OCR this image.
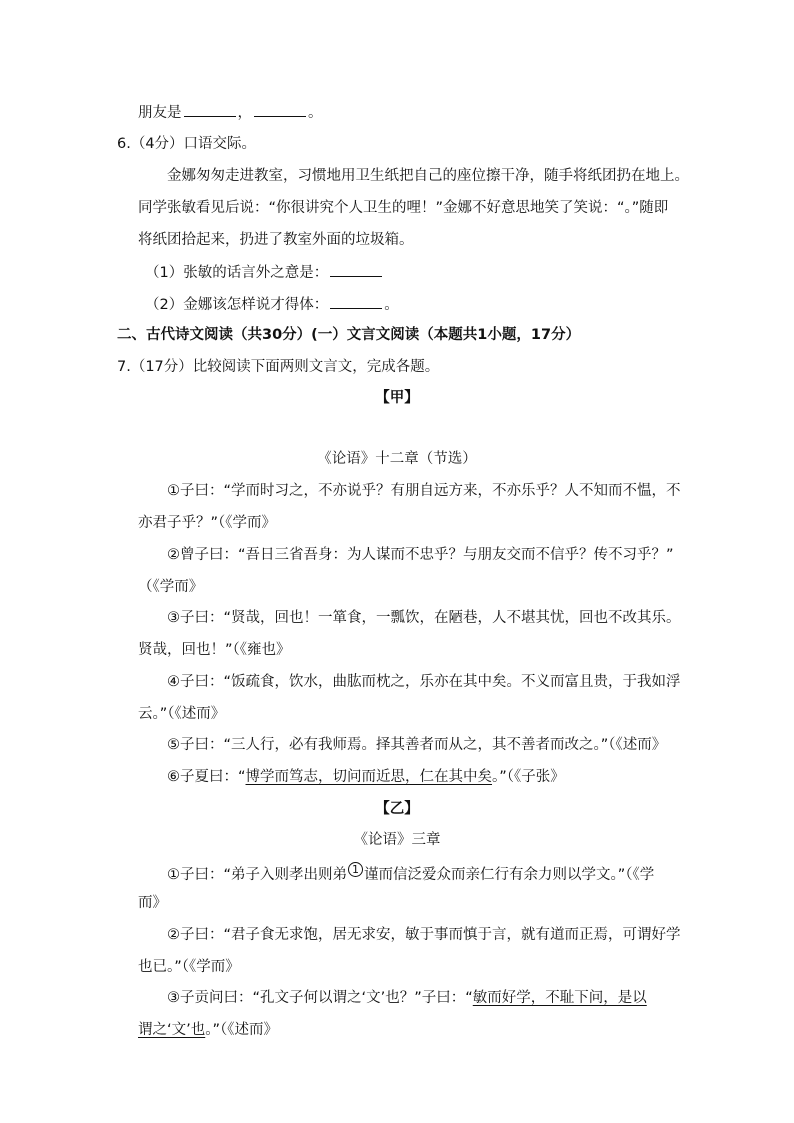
朋友是	，	。
6.（4分）口语交际。
金娜匆匆走进教室，习惯地用卫生纸把自己的座位擦干净，随手将纸团扔在地上。
同学张敏看见后说：“你很讲究个人卫生的哩！”金娜不好意思地笑了笑说：“。”随即
将纸团拾起来，扔进了教室外面的垃圾箱。
（1）张敏的话言外之意是：
（2）金娜该怎样说才得体：	。
二、古代诗文阅读（共30分）(一）文言文阅读（本题共1小题，17分）
7.（17分）比较阅读下面两则文言文，完成各题。
【甲】
《论语》十二章（节选）
①子曰：“学而时习之，不亦说乎？有朋自远方来，不亦乐乎？人不知而不愠，不
亦君子乎？”（《学而》
②曾子曰：“吾日三省吾身：为人谋而不忠乎？与朋友交而不信乎？传不习乎？”
（《学而》
③子曰：“贤哉，回也！一箪食，一瓢饮，在陋巷，人不堪其忧，回也不改其乐。
贤哉，回也！”（《雍也》
④子曰：“饭疏食，饮水，曲肱而枕之，乐亦在其中矣。不义而富且贵，于我如浮
云。”（《述而》
⑤子曰：“三人行，必有我师焉。择其善者而从之，其不善者而改之。”（《述而》
⑥子夏曰：“博学而笃志，切问而近思，仁在其中矣。”（《子张》
【乙】
《论语》三章
①子曰：“弟子入则孝出则弟 1 谨而信泛爱众而亲仁行有余力则以学文。”（《学
而》
②子曰：“君子食无求饱，居无求安，敏于事而慎于言，就有道而正焉，可谓好学
也已。”（《学而》
③子贡问曰：“孔文子何以谓之‘文’也？”子曰：“敏而好学，不耻下问，是以
谓之‘文’也。”（《述而》
